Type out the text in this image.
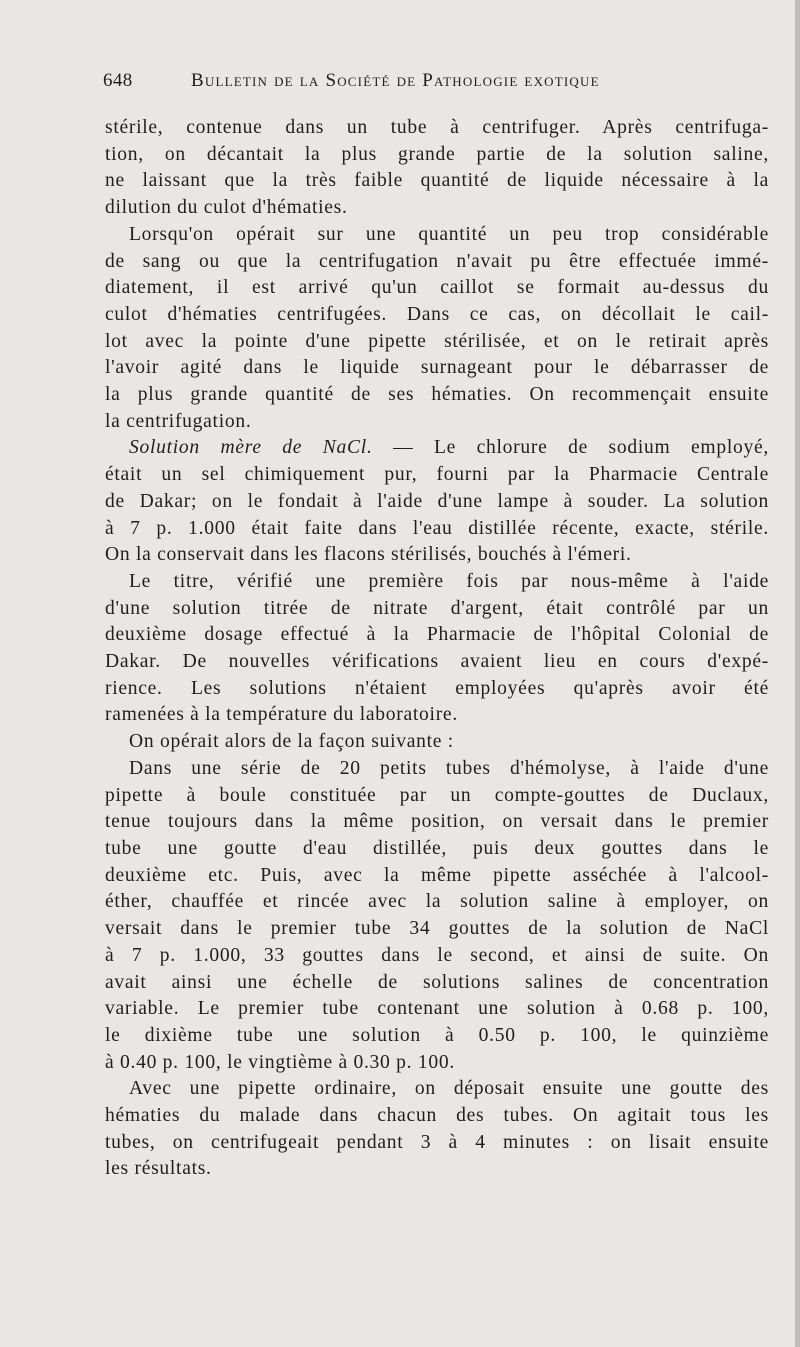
648	Bulletin de la Société de Pathologie exotique

stérile, contenue dans un tube à centrifuger. Après centrifuga-
tion, on décantait la plus grande partie de la solution saline,
ne laissant que la très faible quantité de liquide nécessaire à la
dilution du culot d'hématies.

Lorsqu'on opérait sur une quantité un peu trop considérable
de sang ou que la centrifugation n'avait pu être effectuée immé-
diatement, il est arrivé qu'un caillot se formait au-dessus du
culot d'hématies centrifugées. Dans ce cas, on décollait le cail-
lot avec la pointe d'une pipette stérilisée, et on le retirait après
l'avoir agité dans le liquide surnageant pour le débarrasser de
la plus grande quantité de ses hématies. On recommençait ensuite
la centrifugation.

Solution mère de NaCl. — Le chlorure de sodium employé,
était un sel chimiquement pur, fourni par la Pharmacie Centrale
de Dakar; on le fondait à l'aide d'une lampe à souder. La solution
à 7 p. 1.000 était faite dans l'eau distillée récente, exacte, stérile.
On la conservait dans les flacons stérilisés, bouchés à l'émeri.

Le titre, vérifié une première fois par nous-même à l'aide
d'une solution titrée de nitrate d'argent, était contrôlé par un
deuxième dosage effectué à la Pharmacie de l'hôpital Colonial de
Dakar. De nouvelles vérifications avaient lieu en cours d'expé-
rience. Les solutions n'étaient employées qu'après avoir été
ramenées à la température du laboratoire.

On opérait alors de la façon suivante :

Dans une série de 20 petits tubes d'hémolyse, à l'aide d'une
pipette à boule constituée par un compte-gouttes de Duclaux,
tenue toujours dans la même position, on versait dans le premier
tube une goutte d'eau distillée, puis deux gouttes dans le
deuxième etc. Puis, avec la même pipette asséchée à l'alcool-
éther, chauffée et rincée avec la solution saline à employer, on
versait dans le premier tube 34 gouttes de la solution de NaCl
à 7 p. 1.000, 33 gouttes dans le second, et ainsi de suite. On
avait ainsi une échelle de solutions salines de concentration
variable. Le premier tube contenant une solution à 0.68 p. 100,
le dixième tube une solution à 0.50 p. 100, le quinzième
à 0.40 p. 100, le vingtième à 0.30 p. 100.

Avec une pipette ordinaire, on déposait ensuite une goutte des
hématies du malade dans chacun des tubes. On agitait tous les
tubes, on centrifugeait pendant 3 à 4 minutes : on lisait ensuite
les résultats.
